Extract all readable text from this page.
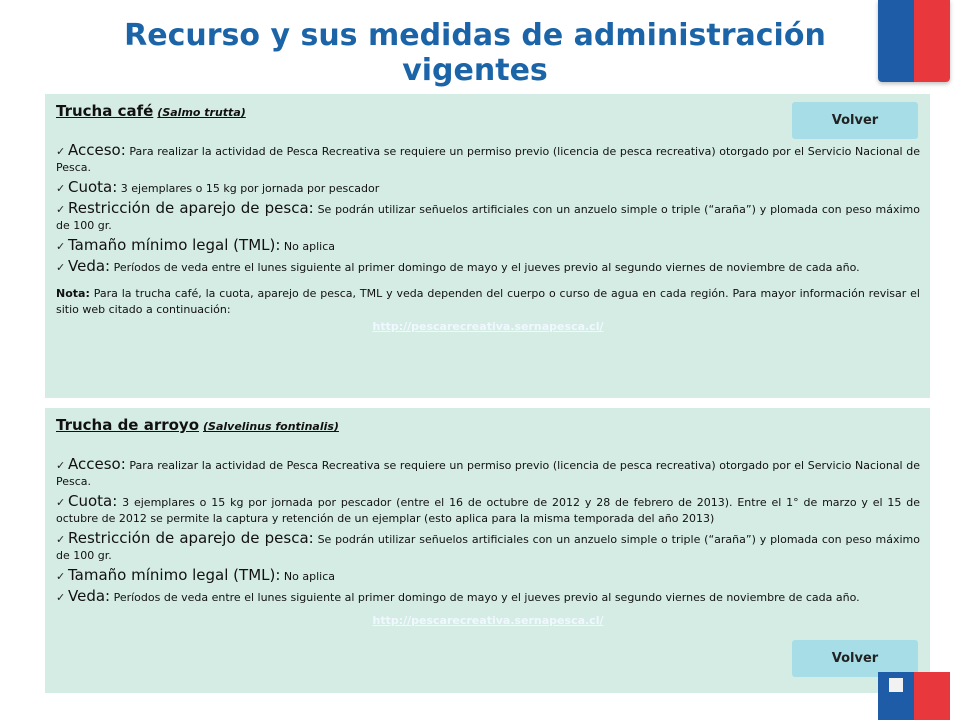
Recurso y sus medidas de administración vigentes
Trucha café (Salmo trutta)
✓ Acceso: Para realizar la actividad de Pesca Recreativa se requiere un permiso previo (licencia de pesca recreativa) otorgado por el Servicio Nacional de Pesca.
✓ Cuota: 3 ejemplares o 15 kg por jornada por pescador
✓ Restricción de aparejo de pesca: Se podrán utilizar señuelos artificiales con un anzuelo simple o triple (“araña”) y plomada con peso máximo de 100 gr.
✓ Tamaño mínimo legal (TML): No aplica
✓ Veda: Períodos de veda entre el lunes siguiente al primer domingo de mayo y el jueves previo al segundo viernes de noviembre de cada año.
Nota: Para la trucha café, la cuota, aparejo de pesca, TML y veda dependen del cuerpo o curso de agua en cada región. Para mayor información revisar el sitio web citado a continuación:
http://pescarecreativa.sernapesca.cl/
Volver
Trucha de arroyo (Salvelinus fontinalis)
✓ Acceso: Para realizar la actividad de Pesca Recreativa se requiere un permiso previo (licencia de pesca recreativa) otorgado por el Servicio Nacional de Pesca.
✓ Cuota: 3 ejemplares o 15 kg por jornada por pescador (entre el 16 de octubre de 2012 y 28 de febrero de 2013). Entre el 1° de marzo y el 15 de octubre de 2012 se permite la captura y retención de un ejemplar (esto aplica para la misma temporada del año 2013)
✓ Restricción de aparejo de pesca: Se podrán utilizar señuelos artificiales con un anzuelo simple o triple (“araña”) y plomada con peso máximo de 100 gr.
✓ Tamaño mínimo legal (TML): No aplica
✓ Veda: Períodos de veda entre el lunes siguiente al primer domingo de mayo y el jueves previo al segundo viernes de noviembre de cada año.
http://pescarecreativa.sernapesca.cl/
Volver
